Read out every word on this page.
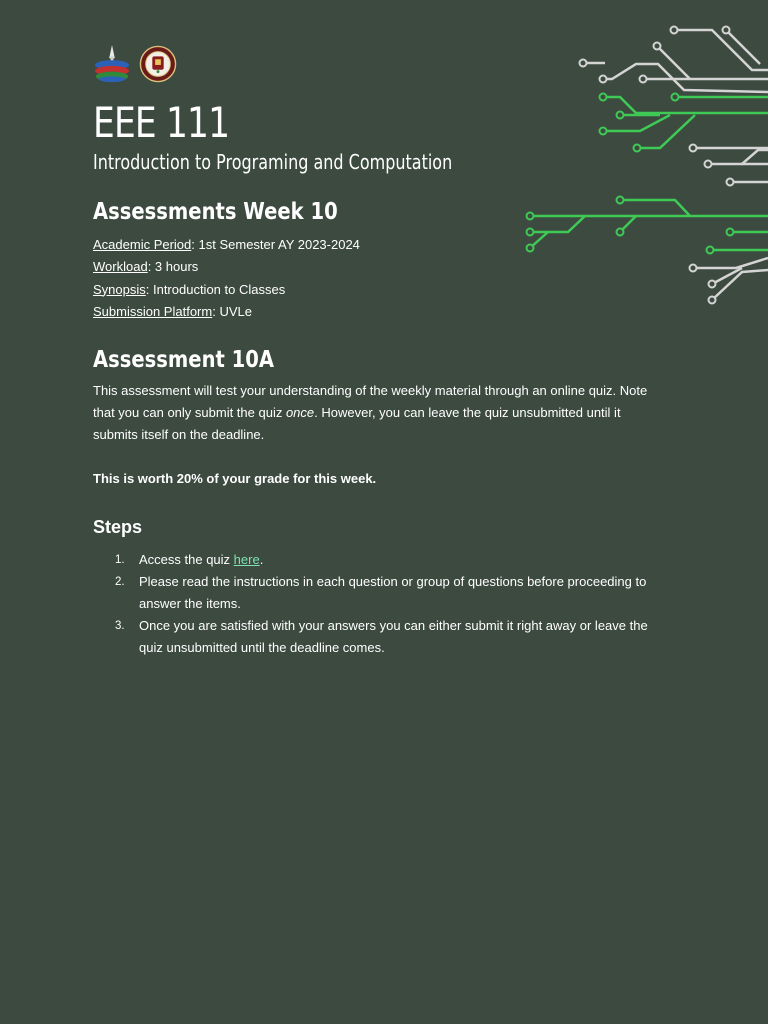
EEE 111
Introduction to Programing and Computation
Assessments Week 10
Academic Period: 1st Semester AY 2023-2024
Workload: 3 hours
Synopsis: Introduction to Classes
Submission Platform: UVLe
Assessment 10A

This assessment will test your understanding of the weekly material through an online quiz. Note that you can only submit the quiz once. However, you can leave the quiz unsubmitted until it submits itself on the deadline.

This is worth 20% of your grade for this week.

Steps
1.	Access the quiz here.
2.	Please read the instructions in each question or group of questions before proceeding to answer the items.
3.	Once you are satisfied with your answers you can either submit it right away or leave the quiz unsubmitted until the deadline comes.
